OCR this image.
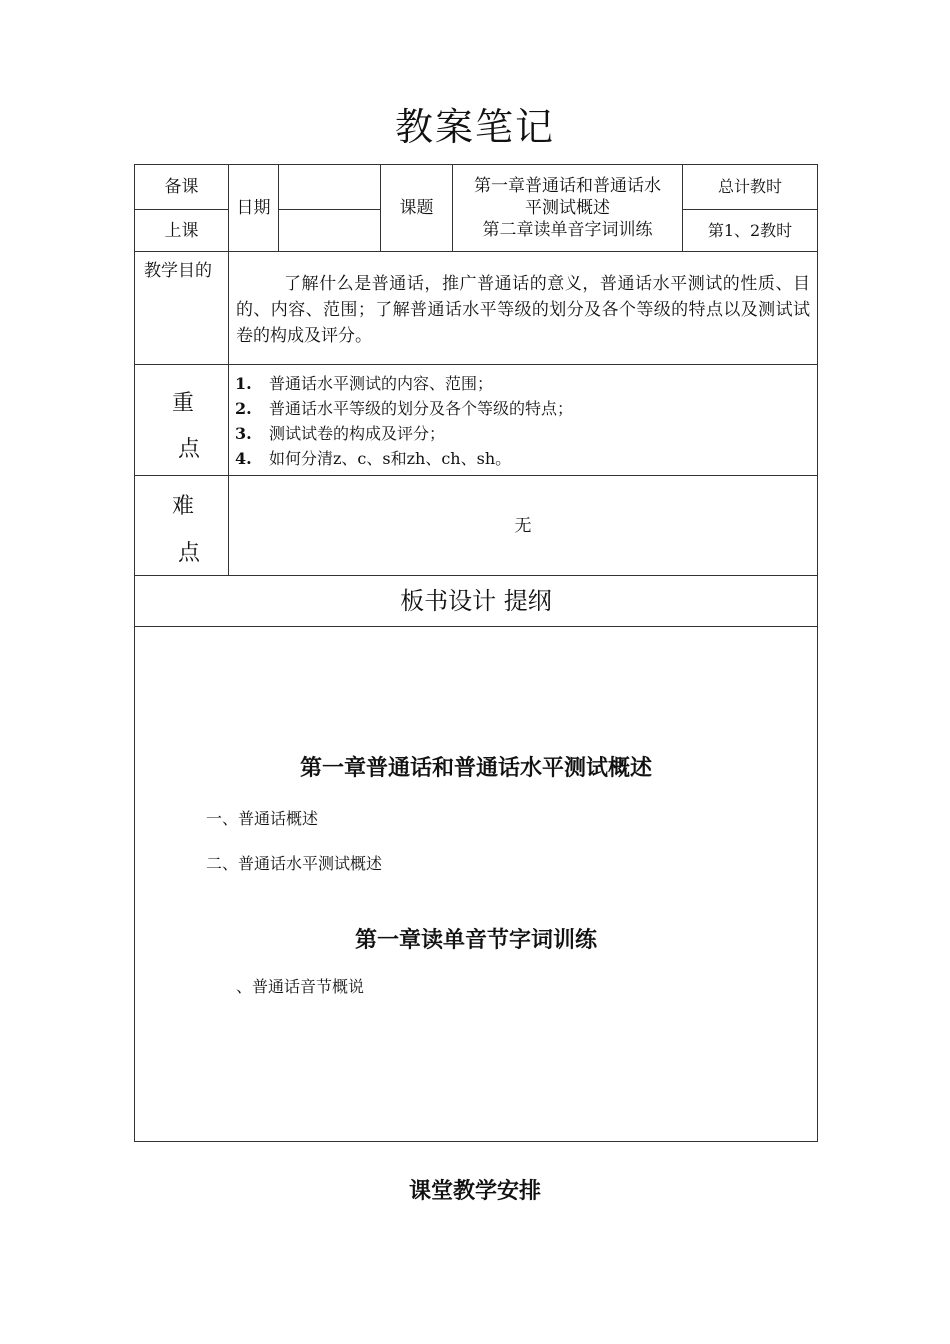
教案笔记
备课
上课
日期	课题
第一章普通话和普通话水
平测试概述
第二章读单音字词训练
总计教时
第1、2教时
教学目的
了解什么是普通话，推广普通话的意义，普通话水平测试的性质、目的、内容、范围；了解普通话水平等级的划分及各个等级的特点以及测试试卷的构成及评分。
重
点
1. 普通话水平测试的内容、范围；
2. 普通话水平等级的划分及各个等级的特点；
3. 测试试卷的构成及评分；
4. 如何分清z、c、s和zh、ch、sh。
难
点
无
板书设计 提纲
第一章普通话和普通话水平测试概述
一、普通话概述
二、普通话水平测试概述
第一章读单音节字词训练
、普通话音节概说
课堂教学安排
